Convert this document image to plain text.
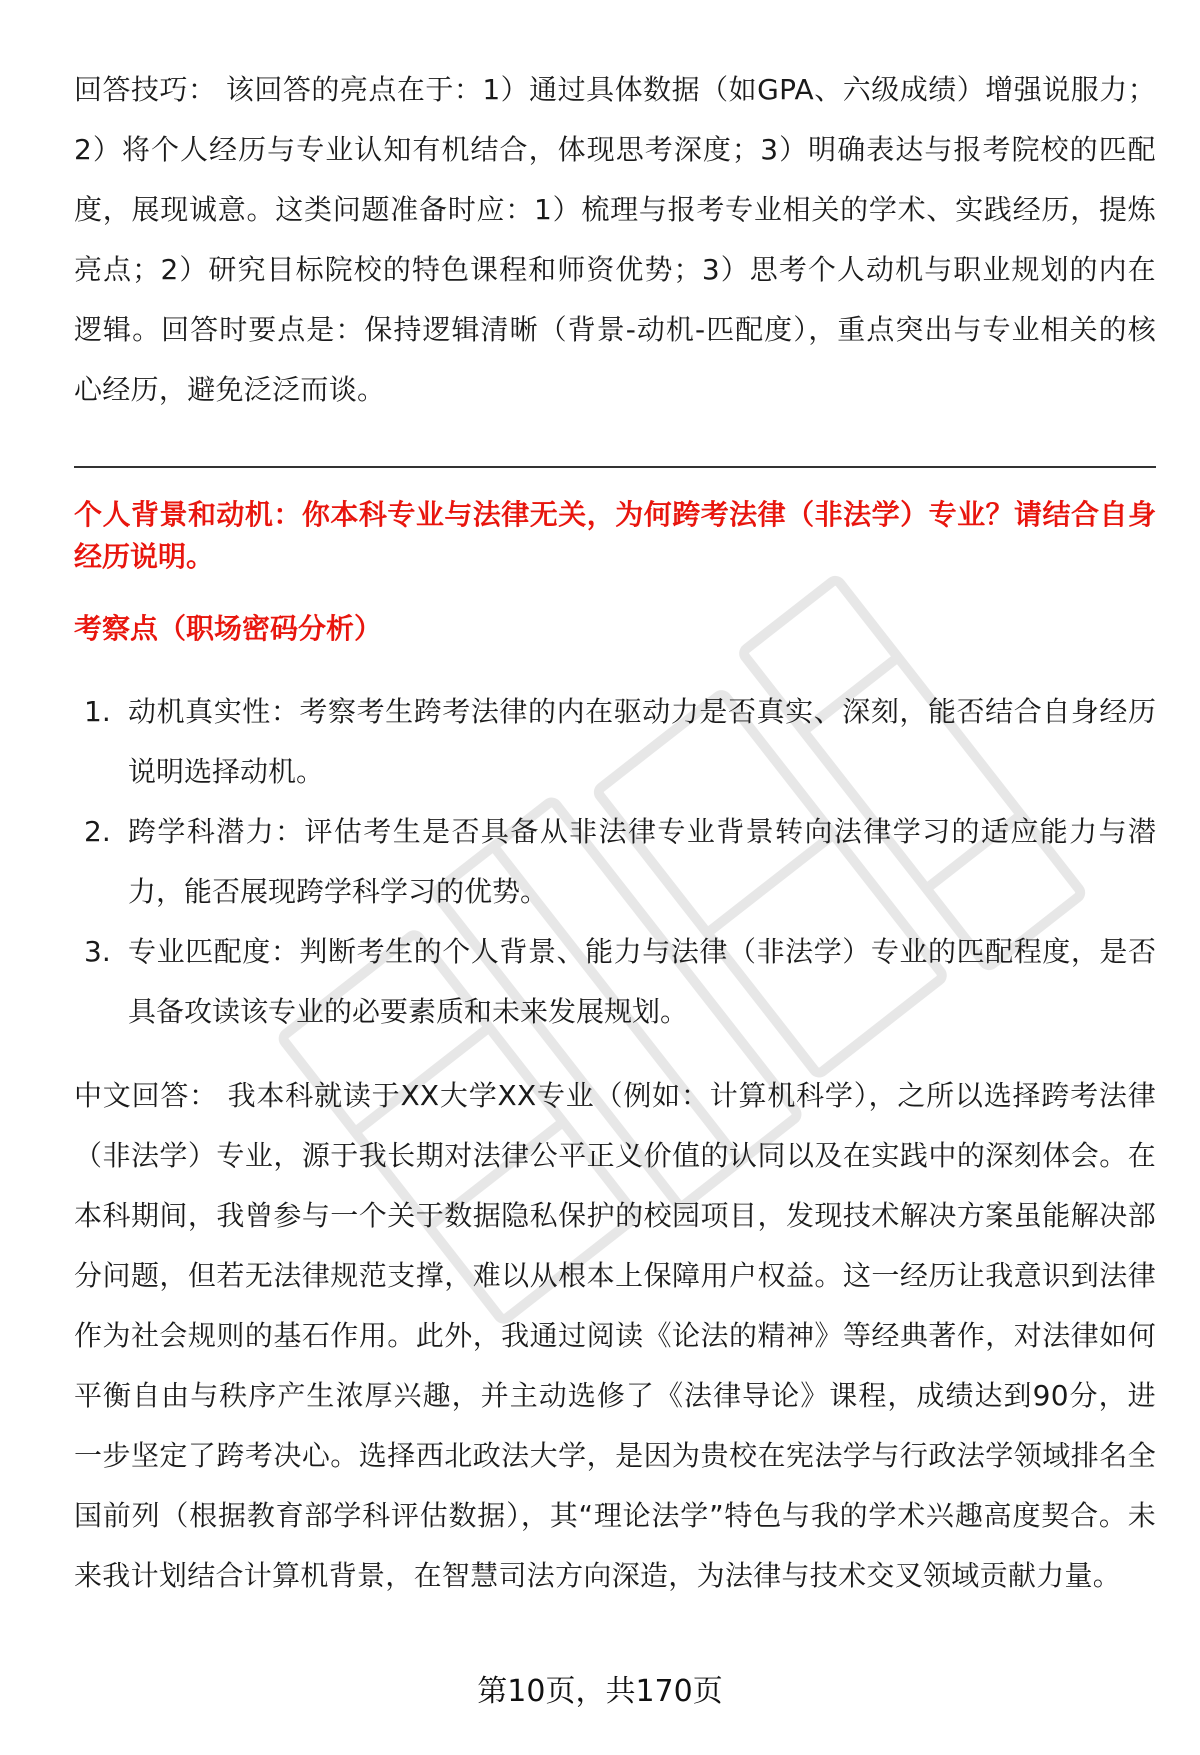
回答技巧： 该回答的亮点在于：1）通过具体数据（如GPA、六级成绩）增强说服力；2）将个人经历与专业认知有机结合，体现思考深度；3）明确表达与报考院校的匹配度，展现诚意。这类问题准备时应：1）梳理与报考专业相关的学术、实践经历，提炼亮点；2）研究目标院校的特色课程和师资优势；3）思考个人动机与职业规划的内在逻辑。回答时要点是：保持逻辑清晰（背景-动机-匹配度），重点突出与专业相关的核心经历，避免泛泛而谈。

个人背景和动机：你本科专业与法律无关，为何跨考法律（非法学）专业？请结合自身经历说明。

考察点（职场密码分析）

1. 动机真实性：考察考生跨考法律的内在驱动力是否真实、深刻，能否结合自身经历说明选择动机。
2. 跨学科潜力：评估考生是否具备从非法律专业背景转向法律学习的适应能力与潜力，能否展现跨学科学习的优势。
3. 专业匹配度：判断考生的个人背景、能力与法律（非法学）专业的匹配程度，是否具备攻读该专业的必要素质和未来发展规划。

中文回答： 我本科就读于XX大学XX专业（例如：计算机科学），之所以选择跨考法律（非法学）专业，源于我长期对法律公平正义价值的认同以及在实践中的深刻体会。在本科期间，我曾参与一个关于数据隐私保护的校园项目，发现技术解决方案虽能解决部分问题，但若无法律规范支撑，难以从根本上保障用户权益。这一经历让我意识到法律作为社会规则的基石作用。此外，我通过阅读《论法的精神》等经典著作，对法律如何平衡自由与秩序产生浓厚兴趣，并主动选修了《法律导论》课程，成绩达到90分，进一步坚定了跨考决心。选择西北政法大学，是因为贵校在宪法学与行政法学领域排名全国前列（根据教育部学科评估数据），其“理论法学”特色与我的学术兴趣高度契合。未来我计划结合计算机背景，在智慧司法方向深造，为法律与技术交叉领域贡献力量。

第10页，共170页
